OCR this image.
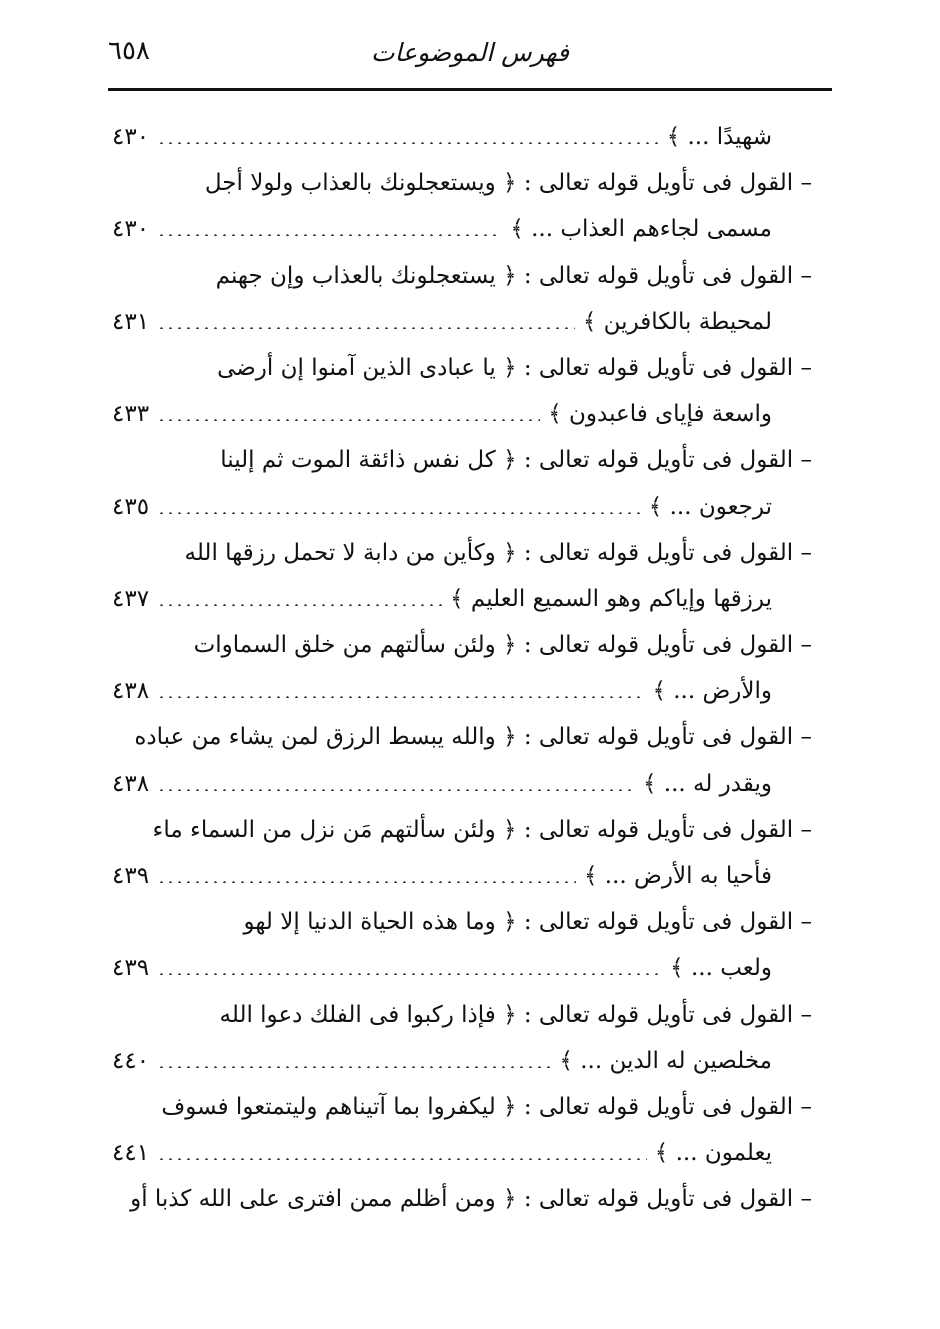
٦٥٨	فهرس الموضوعات
شهيدًا ... ﴾
٤٣٠
– القول فى تأويل قوله تعالى : ﴿ ويستعجلونك بالعذاب ولولا أجل
مسمى لجاءهم العذاب ... ﴾
٤٣٠
– القول فى تأويل قوله تعالى : ﴿ يستعجلونك بالعذاب وإن جهنم
لمحيطة بالكافرين ﴾
٤٣١
– القول فى تأويل قوله تعالى : ﴿ يا عبادى الذين آمنوا إن أرضى
واسعة فإياى فاعبدون ﴾
٤٣٣
– القول فى تأويل قوله تعالى : ﴿ كل نفس ذائقة الموت ثم إلينا
ترجعون ... ﴾
٤٣٥
– القول فى تأويل قوله تعالى : ﴿ وكأين من دابة لا تحمل رزقها الله
يرزقها وإياكم وهو السميع العليم ﴾
٤٣٧
– القول فى تأويل قوله تعالى : ﴿ ولئن سألتهم من خلق السماوات
والأرض ... ﴾
٤٣٨
– القول فى تأويل قوله تعالى : ﴿ والله يبسط الرزق لمن يشاء من عباده
ويقدر له ... ﴾
٤٣٨
– القول فى تأويل قوله تعالى : ﴿ ولئن سألتهم مَن نزل من السماء ماء
فأحيا به الأرض ... ﴾
٤٣٩
– القول فى تأويل قوله تعالى : ﴿ وما هذه الحياة الدنيا إلا لهو
ولعب ... ﴾
٤٣٩
– القول فى تأويل قوله تعالى : ﴿ فإذا ركبوا فى الفلك دعوا الله
مخلصين له الدين ... ﴾
٤٤٠
– القول فى تأويل قوله تعالى : ﴿ ليكفروا بما آتيناهم وليتمتعوا فسوف
يعلمون ... ﴾
٤٤١
– القول فى تأويل قوله تعالى : ﴿ ومن أظلم ممن افترى على الله كذبا أو
